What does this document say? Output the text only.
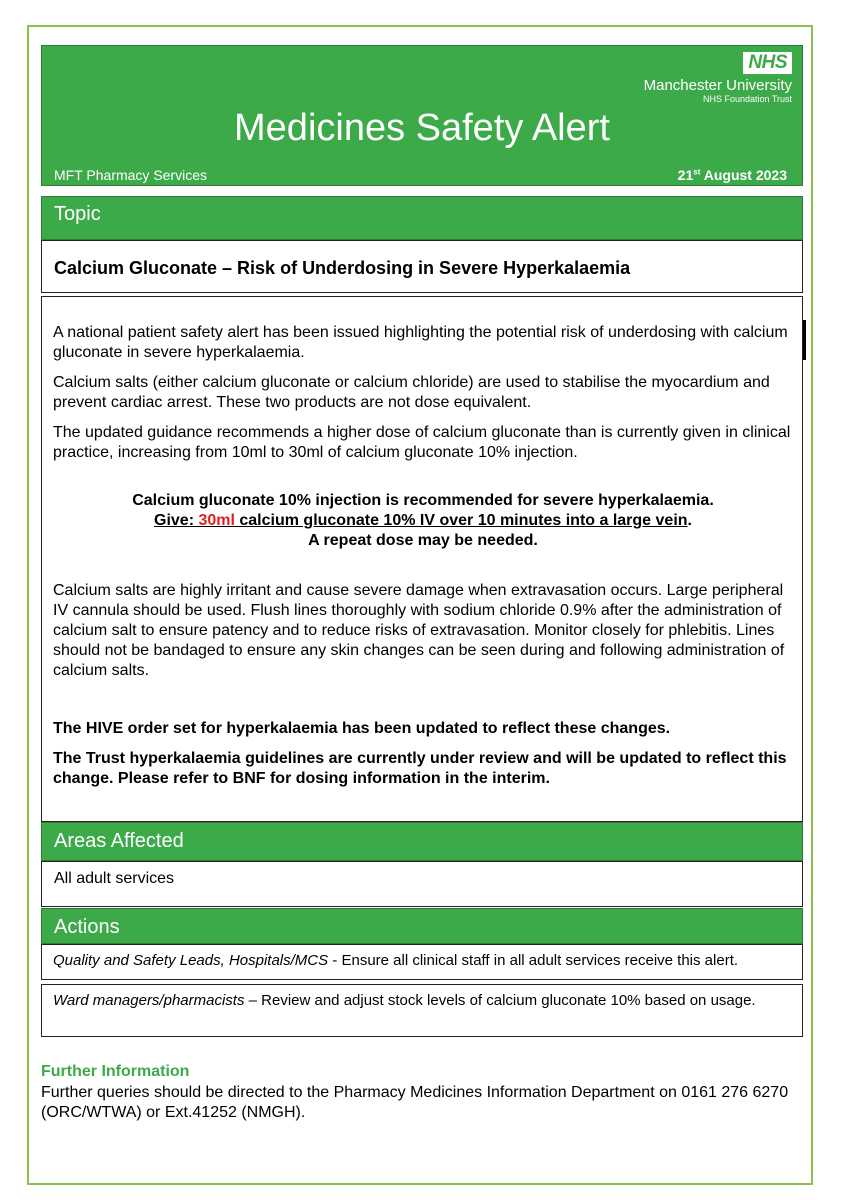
NHS
Manchester University
NHS Foundation Trust
Medicines Safety Alert
MFT Pharmacy Services	21st August 2023
Topic
Calcium Gluconate – Risk of Underdosing in Severe Hyperkalaemia

A national patient safety alert has been issued highlighting the potential risk of underdosing with calcium gluconate in severe hyperkalaemia.

Calcium salts (either calcium gluconate or calcium chloride) are used to stabilise the myocardium and prevent cardiac arrest. These two products are not dose equivalent.

The updated guidance recommends a higher dose of calcium gluconate than is currently given in clinical practice, increasing from 10ml to 30ml of calcium gluconate 10% injection.

Calcium gluconate 10% injection is recommended for severe hyperkalaemia.
Give: 30ml calcium gluconate 10% IV over 10 minutes into a large vein.
A repeat dose may be needed.

Calcium salts are highly irritant and cause severe damage when extravasation occurs. Large peripheral IV cannula should be used. Flush lines thoroughly with sodium chloride 0.9% after the administration of calcium salt to ensure patency and to reduce risks of extravasation. Monitor closely for phlebitis. Lines should not be bandaged to ensure any skin changes can be seen during and following administration of calcium salts.

The HIVE order set for hyperkalaemia has been updated to reflect these changes.

The Trust hyperkalaemia guidelines are currently under review and will be updated to reflect this change. Please refer to BNF for dosing information in the interim.

Areas Affected
All adult services
Actions
Quality and Safety Leads, Hospitals/MCS - Ensure all clinical staff in all adult services receive this alert.
Ward managers/pharmacists – Review and adjust stock levels of calcium gluconate 10% based on usage.
Further Information
Further queries should be directed to the Pharmacy Medicines Information Department on 0161 276 6270 (ORC/WTWA) or Ext.41252 (NMGH).
